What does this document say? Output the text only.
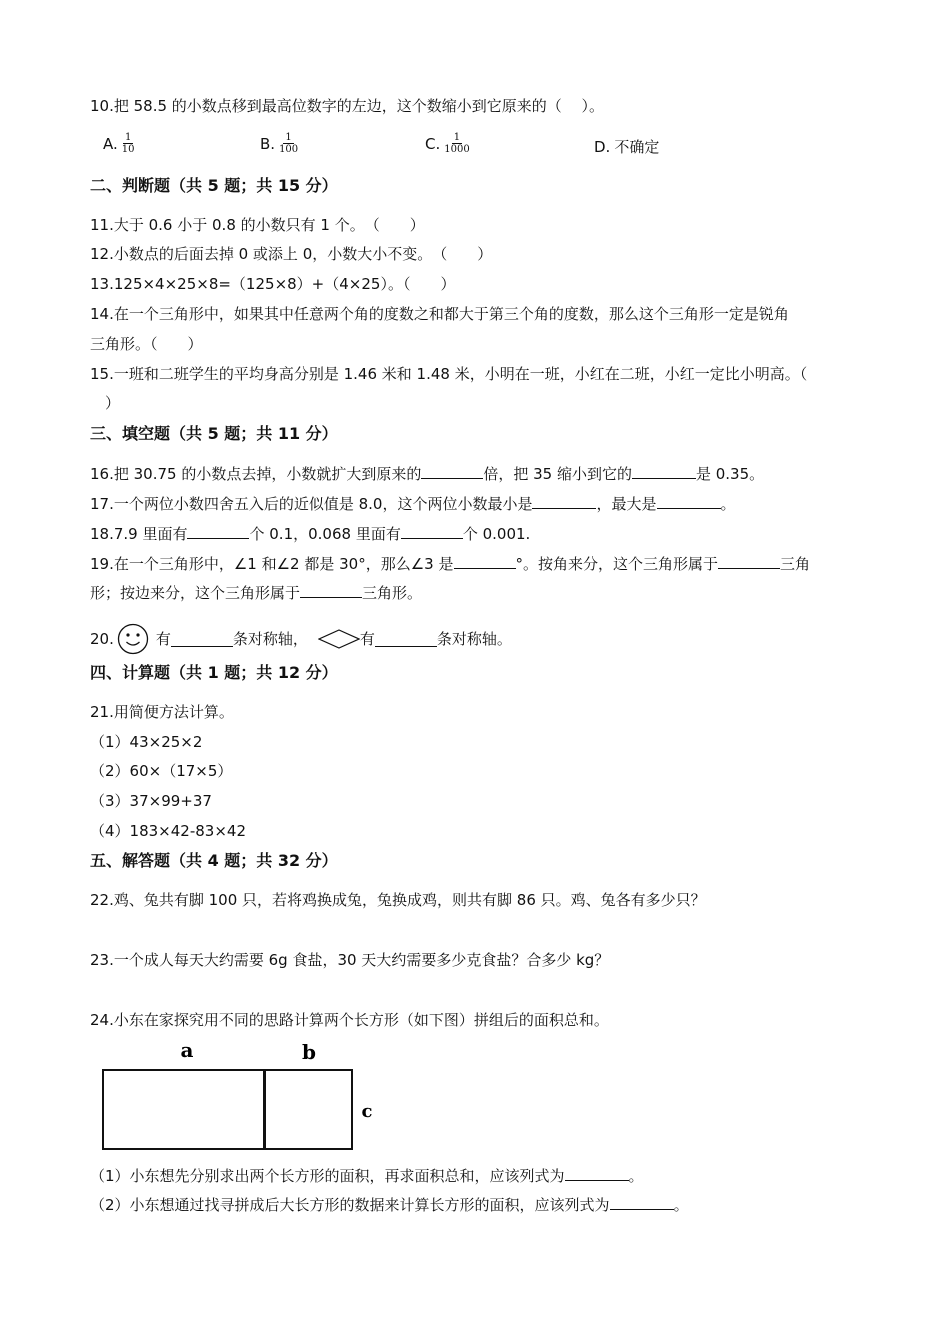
10.把 58.5 的小数点移到最高位数字的左边，这个数缩小到它原来的（　 ）。
A. $\frac{1}{10}$	B. $\frac{1}{100}$	C. $\frac{1}{1000}$	D. 不确定
二、判断题（共 5 题；共 15 分）
11.大于 0.6 小于 0.8 的小数只有 1 个。　（　　）
12.小数点的后面去掉 0 或添上 0，小数大小不变。　（　　）
13.125×4×25×8=（125×8）+（4×25）。（　　）
14.在一个三角形中，如果其中任意两个角的度数之和都大于第三个角的度数，那么这个三角形一定是锐角
三角形。（　　）
15.一班和二班学生的平均身高分别是 1.46 米和 1.48 米，小明在一班，小红在二班，小红一定比小明高。（
　）
三、填空题（共 5 题；共 11 分）
16.把 30.75 的小数点去掉，小数就扩大到原来的	倍，把 35 缩小到它的	是 0.35。
17.一个两位小数四舍五入后的近似值是 8.0，这个两位小数最小是	，最大是	。
18.7.9 里面有	个 0.1，0.068 里面有	个 0.001.
19.在一个三角形中，∠1 和∠2 都是 30°，那么∠3 是	°。按角来分，这个三角形属于	三角
形；按边来分，这个三角形属于	三角形。
20.	有	条对称轴，	有	条对称轴。
四、计算题（共 1 题；共 12 分）
21.用简便方法计算。
（1）43×25×2
（2）60×（17×5）
（3）37×99+37
（4）183×42-83×42
五、解答题（共 4 题；共 32 分）
22.鸡、兔共有脚 100 只，若将鸡换成兔，兔换成鸡，则共有脚 86 只。鸡、兔各有多少只？
23.一个成人每天大约需要 6g 食盐，30 天大约需要多少克食盐？合多少 kg？
24.小东在家探究用不同的思路计算两个长方形（如下图）拼组后的面积总和。
a	b
c
（1）小东想先分别求出两个长方形的面积，再求面积总和，应该列式为	。
（2）小东想通过找寻拼成后大长方形的数据来计算长方形的面积，应该列式为	。
